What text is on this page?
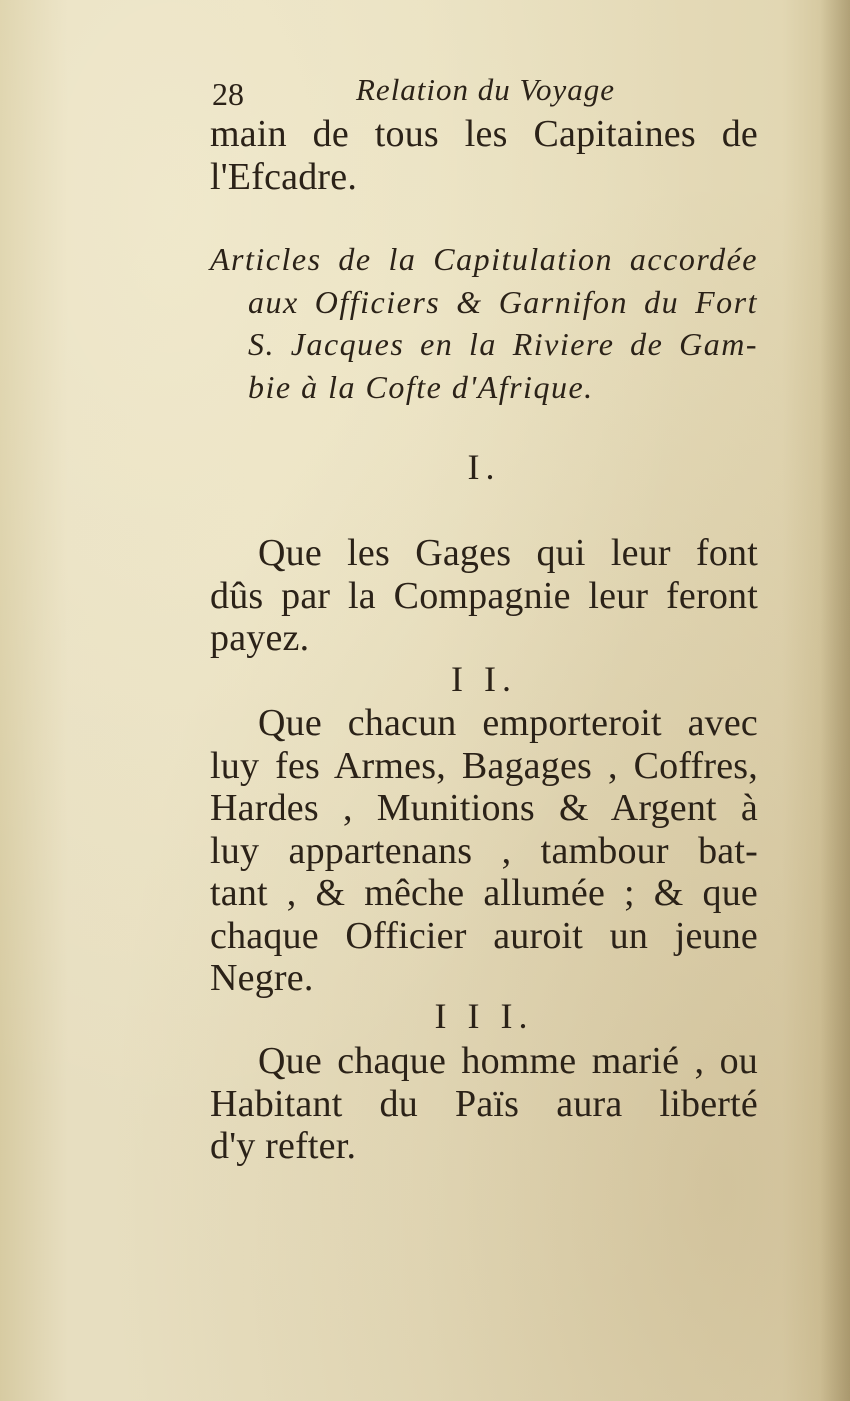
28	Relation du Voyage
main de tous les Capitaines de
l'Efcadre.
Articles de la Capitulation accordée
aux Officiers & Garnifon du Fort
S. Jacques en la Riviere de Gam-
bie à la Cofte d'Afrique.
I.
Que les Gages qui leur font
dûs par la Compagnie leur feront
payez.
I I.
Que chacun emporteroit avec
luy fes Armes, Bagages , Coffres,
Hardes , Munitions & Argent à
luy appartenans , tambour bat-
tant , & mêche allumée ; & que
chaque Officier auroit un jeune
Negre.
I I I.
Que chaque homme marié , ou
Habitant du Païs aura liberté
d'y refter.
